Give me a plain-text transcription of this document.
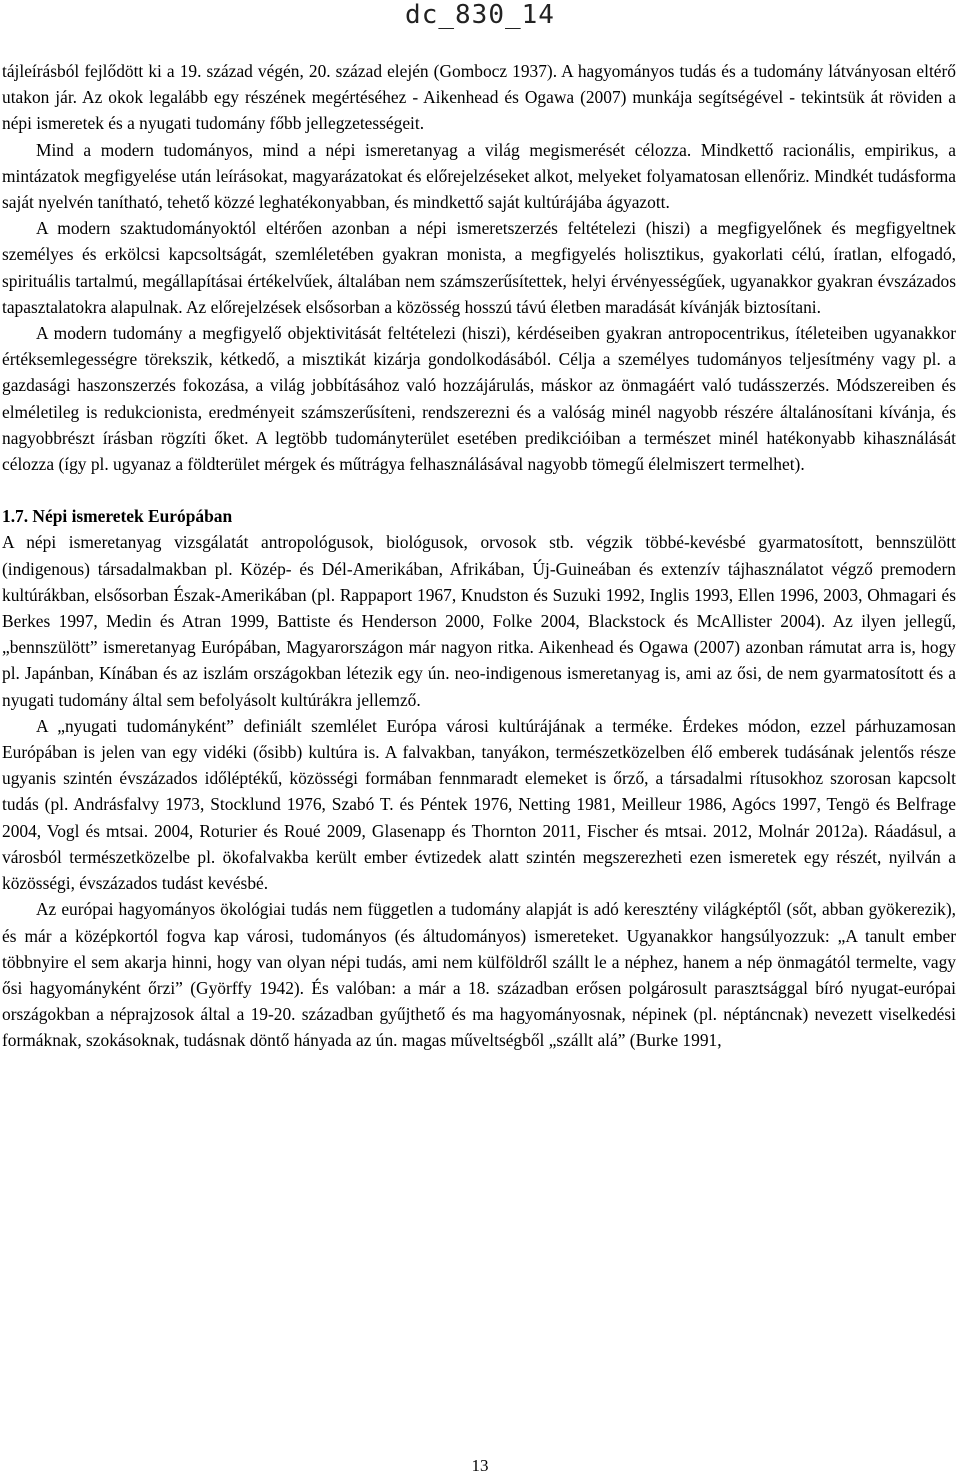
dc_830_14

tájleírásból fejlődött ki a 19. század végén, 20. század elején (Gombocz 1937). A hagyományos tudás és a tudomány látványosan eltérő utakon jár. Az okok legalább egy részének megértéséhez - Aikenhead és Ogawa (2007) munkája segítségével - tekintsük át röviden a népi ismeretek és a nyugati tudomány főbb jellegzetességeit.

Mind a modern tudományos, mind a népi ismeretanyag a világ megismerését célozza. Mindkettő racionális, empirikus, a mintázatok megfigyelése után leírásokat, magyarázatokat és előrejelzéseket alkot, melyeket folyamatosan ellenőriz. Mindkét tudásforma saját nyelvén tanítható, tehető közzé leghatékonyabban, és mindkettő saját kultúrájába ágyazott.

A modern szaktudományoktól eltérően azonban a népi ismeretszerzés feltételezi (hiszi) a megfigyelőnek és megfigyeltnek személyes és erkölcsi kapcsoltságát, szemléletében gyakran monista, a megfigyelés holisztikus, gyakorlati célú, íratlan, elfogadó, spirituális tartalmú, megállapításai értékelvűek, általában nem számszerűsítettek, helyi érvényességűek, ugyanakkor gyakran évszázados tapasztalatokra alapulnak. Az előrejelzések elsősorban a közösség hosszú távú életben maradását kívánják biztosítani.

A modern tudomány a megfigyelő objektivitását feltételezi (hiszi), kérdéseiben gyakran antropocentrikus, ítéleteiben ugyanakkor értéksemlegességre törekszik, kétkedő, a misztikát kizárja gondolkodásából. Célja a személyes tudományos teljesítmény vagy pl. a gazdasági haszonszerzés fokozása, a világ jobbításához való hozzájárulás, máskor az önmagáért való tudásszerzés. Módszereiben és elméletileg is redukcionista, eredményeit számszerűsíteni, rendszerezni és a valóság minél nagyobb részére általánosítani kívánja, és nagyobbrészt írásban rögzíti őket. A legtöbb tudományterület esetében predikcióiban a természet minél hatékonyabb kihasználását célozza (így pl. ugyanaz a földterület mérgek és műtrágya felhasználásával nagyobb tömegű élelmiszert termelhet).

1.7. Népi ismeretek Európában

A népi ismeretanyag vizsgálatát antropológusok, biológusok, orvosok stb. végzik többé-kevésbé gyarmatosított, bennszülött (indigenous) társadalmakban pl. Közép- és Dél-Amerikában, Afrikában, Új-Guineában és extenzív tájhasználatot végző premodern kultúrákban, elsősorban Észak-Amerikában (pl. Rappaport 1967, Knudston és Suzuki 1992, Inglis 1993, Ellen 1996, 2003, Ohmagari és Berkes 1997, Medin és Atran 1999, Battiste és Henderson 2000, Folke 2004, Blackstock és McAllister 2004). Az ilyen jellegű, „bennszülött” ismeretanyag Európában, Magyarországon már nagyon ritka. Aikenhead és Ogawa (2007) azonban rámutat arra is, hogy pl. Japánban, Kínában és az iszlám országokban létezik egy ún. neo-indigenous ismeretanyag is, ami az ősi, de nem gyarmatosított és a nyugati tudomány által sem befolyásolt kultúrákra jellemző.

A „nyugati tudományként” definiált szemlélet Európa városi kultúrájának a terméke. Érdekes módon, ezzel párhuzamosan Európában is jelen van egy vidéki (ősibb) kultúra is. A falvakban, tanyákon, természetközelben élő emberek tudásának jelentős része ugyanis szintén évszázados időléptékű, közösségi formában fennmaradt elemeket is őrző, a társadalmi rítusokhoz szorosan kapcsolt tudás (pl. Andrásfalvy 1973, Stocklund 1976, Szabó T. és Péntek 1976, Netting 1981, Meilleur 1986, Agócs 1997, Tengö és Belfrage 2004, Vogl és mtsai. 2004, Roturier és Roué 2009, Glasenapp és Thornton 2011, Fischer és mtsai. 2012, Molnár 2012a). Ráadásul, a városból természetközelbe pl. ökofalvakba került ember évtizedek alatt szintén megszerezheti ezen ismeretek egy részét, nyilván a közösségi, évszázados tudást kevésbé.

Az európai hagyományos ökológiai tudás nem független a tudomány alapját is adó keresztény világképtől (sőt, abban gyökerezik), és már a középkortól fogva kap városi, tudományos (és áltudományos) ismereteket. Ugyanakkor hangsúlyozzuk: „A tanult ember többnyire el sem akarja hinni, hogy van olyan népi tudás, ami nem külföldről szállt le a néphez, hanem a nép önmagától termelte, vagy ősi hagyományként őrzi” (Györffy 1942). És valóban: a már a 18. században erősen polgárosult parasztsággal bíró nyugat-európai országokban a néprajzosok által a 19-20. században gyűjthető és ma hagyományosnak, népinek (pl. néptáncnak) nevezett viselkedési formáknak, szokásoknak, tudásnak döntő hányada az ún. magas műveltségből „szállt alá” (Burke 1991,

13
